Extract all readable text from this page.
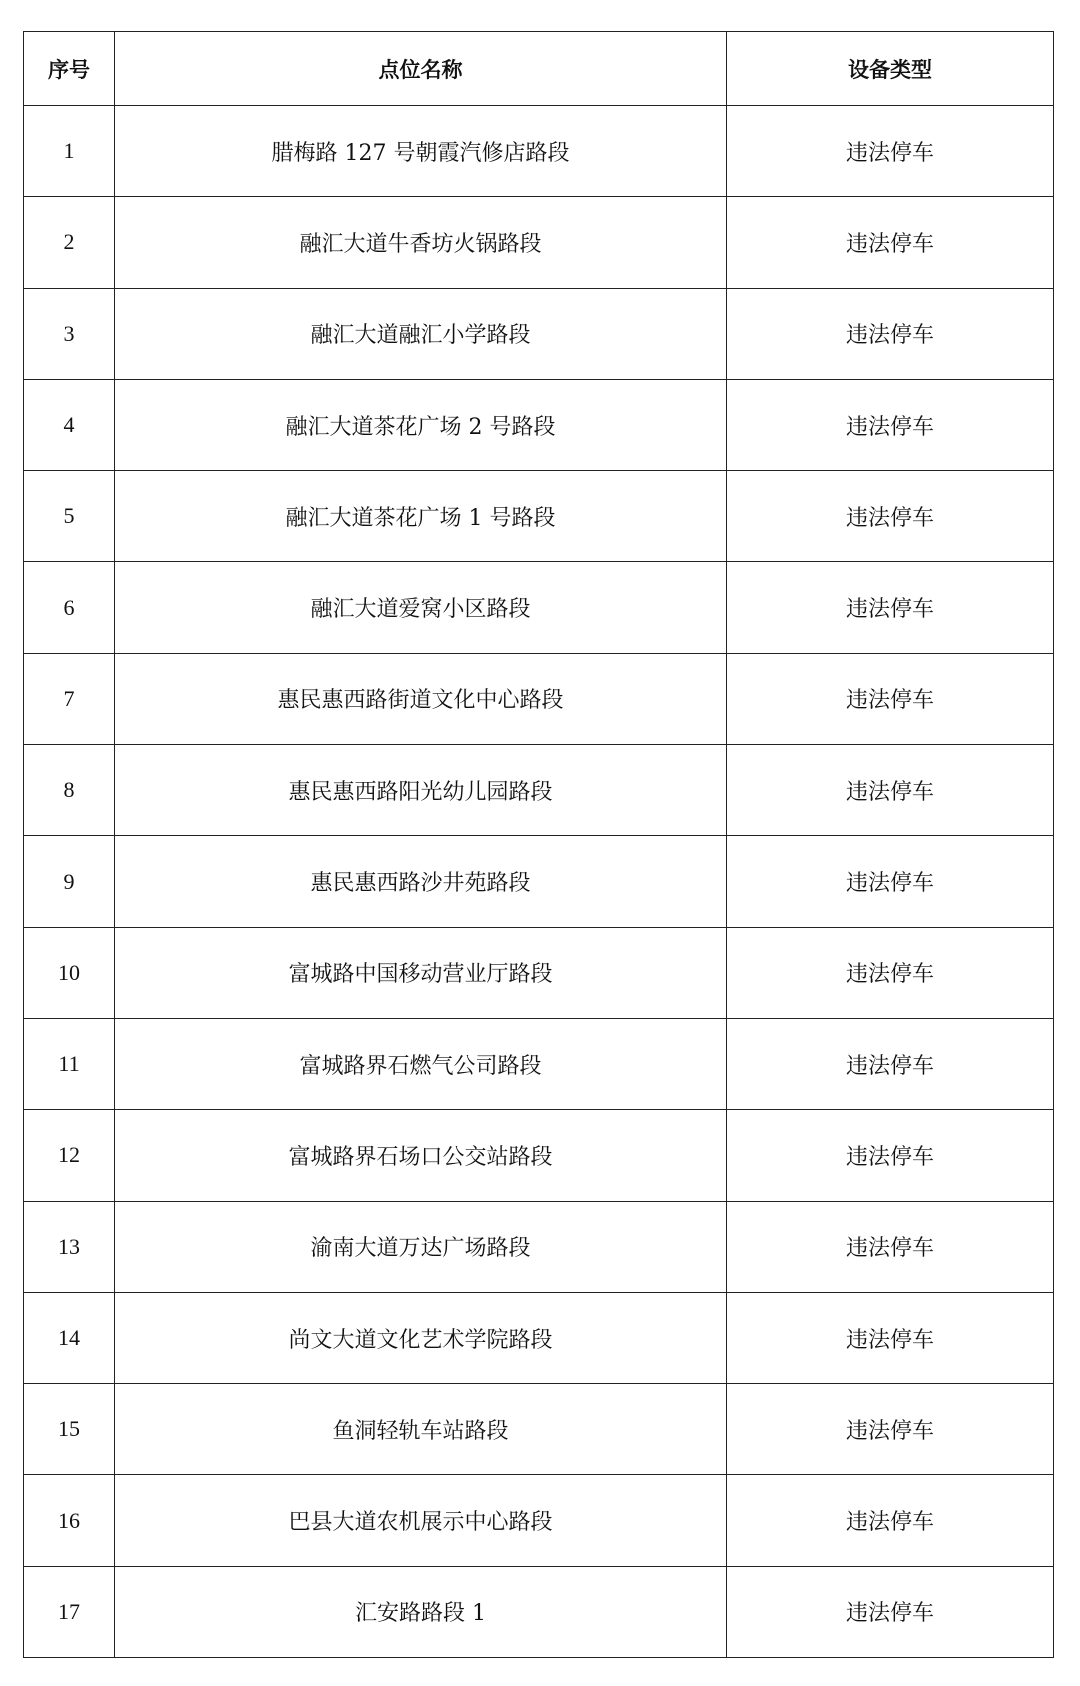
序号	点位名称	设备类型
1	腊梅路 127 号朝霞汽修店路段	违法停车
2	融汇大道牛香坊火锅路段	违法停车
3	融汇大道融汇小学路段	违法停车
4	融汇大道茶花广场 2 号路段	违法停车
5	融汇大道茶花广场 1 号路段	违法停车
6	融汇大道爱窝小区路段	违法停车
7	惠民惠西路街道文化中心路段	违法停车
8	惠民惠西路阳光幼儿园路段	违法停车
9	惠民惠西路沙井苑路段	违法停车
10	富城路中国移动营业厅路段	违法停车
11	富城路界石燃气公司路段	违法停车
12	富城路界石场口公交站路段	违法停车
13	渝南大道万达广场路段	违法停车
14	尚文大道文化艺术学院路段	违法停车
15	鱼洞轻轨车站路段	违法停车
16	巴县大道农机展示中心路段	违法停车
17	汇安路路段 1	违法停车
